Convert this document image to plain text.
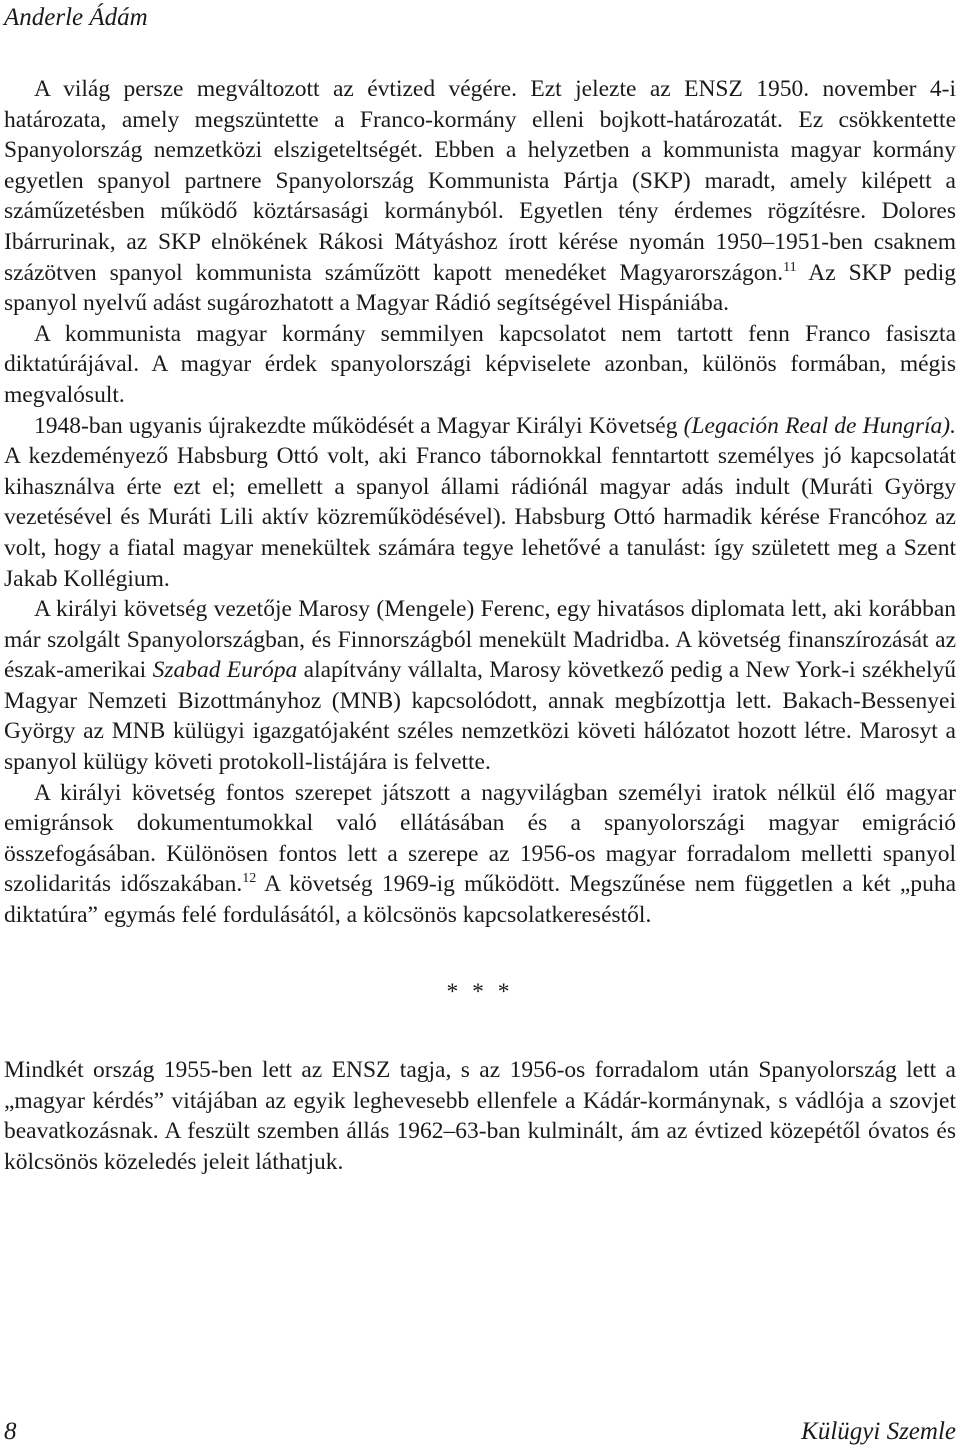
Anderle Ádám

A világ persze megváltozott az évtized végére. Ezt jelezte az ENSZ 1950. november 4-i határozata, amely megszüntette a Franco-kormány elleni bojkott-határozatát. Ez csökkentette Spanyolország nemzetközi elszigeteltségét. Ebben a helyzetben a kommunista magyar kormány egyetlen spanyol partnere Spanyolország Kommunista Pártja (SKP) maradt, amely kilépett a száműzetésben működő köztársasági kormányból. Egyetlen tény érdemes rögzítésre. Dolores Ibárrurinak, az SKP elnökének Rákosi Mátyáshoz írott kérése nyomán 1950–1951-ben csaknem százötven spanyol kommunista száműzött kapott menedéket Magyarországon.$^{11}$ Az SKP pedig spanyol nyelvű adást sugározhatott a Magyar Rádió segítségével Hispániába.

A kommunista magyar kormány semmilyen kapcsolatot nem tartott fenn Franco fasiszta diktatúrájával. A magyar érdek spanyolországi képviselete azonban, különös formában, mégis megvalósult.

1948-ban ugyanis újrakezdte működését a Magyar Királyi Követség (Legación Real de Hungría). A kezdeményező Habsburg Ottó volt, aki Franco tábornokkal fenntartott személyes jó kapcsolatát kihasználva érte ezt el; emellett a spanyol állami rádiónál magyar adás indult (Muráti György vezetésével és Muráti Lili aktív közreműködésével). Habsburg Ottó harmadik kérése Francóhoz az volt, hogy a fiatal magyar menekültek számára tegye lehetővé a tanulást: így született meg a Szent Jakab Kollégium.

A királyi követség vezetője Marosy (Mengele) Ferenc, egy hivatásos diplomata lett, aki korábban már szolgált Spanyolországban, és Finnországból menekült Madridba. A követség finanszírozását az észak-amerikai Szabad Európa alapítvány vállalta, Marosy következő pedig a New York-i székhelyű Magyar Nemzeti Bizottmányhoz (MNB) kapcsolódott, annak megbízottja lett. Bakach-Bessenyei György az MNB külügyi igazgatójaként széles nemzetközi követi hálózatot hozott létre. Marosyt a spanyol külügy követi protokoll-listájára is felvette.

A királyi követség fontos szerepet játszott a nagyvilágban személyi iratok nélkül élő magyar emigránsok dokumentumokkal való ellátásában és a spanyolországi magyar emigráció összefogásában. Különösen fontos lett a szerepe az 1956-os magyar forradalom melletti spanyol szolidaritás időszakában.$^{12}$ A követség 1969-ig működött. Megszűnése nem független a két „puha diktatúra” egymás felé fordulásától, a kölcsönös kapcsolatkereséstől.

* * *

Mindkét ország 1955-ben lett az ENSZ tagja, s az 1956-os forradalom után Spanyolország lett a „magyar kérdés” vitájában az egyik leghevesebb ellenfele a Kádár-kormánynak, s vádlója a szovjet beavatkozásnak. A feszült szemben állás 1962–63-ban kulminált, ám az évtized közepétől óvatos és kölcsönös közeledés jeleit láthatjuk.

8	Külügyi Szemle
